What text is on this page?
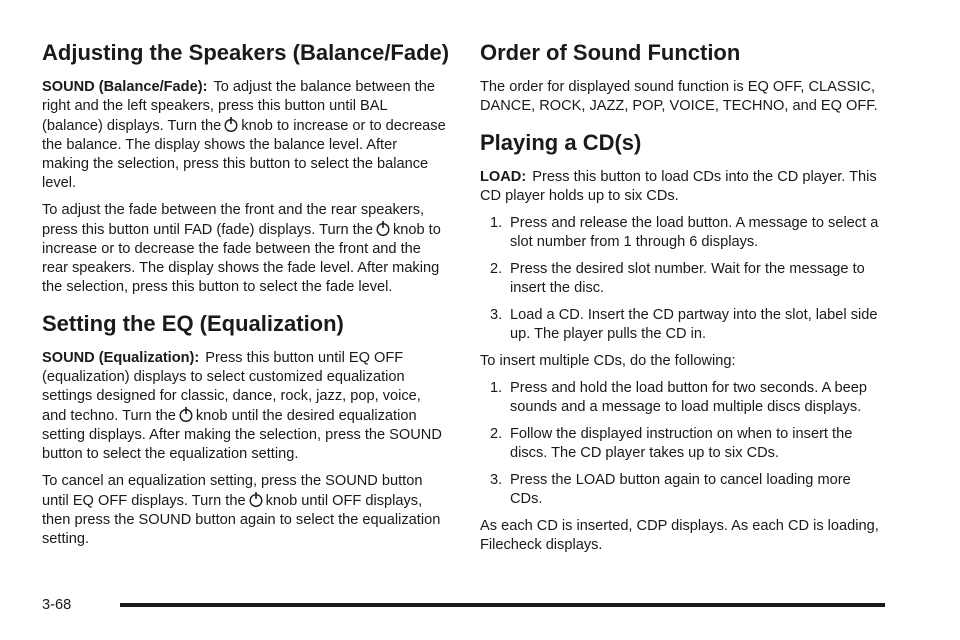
Adjusting the Speakers (Balance/Fade)

SOUND (Balance/Fade): To adjust the balance between the right and the left speakers, press this button until BAL (balance) displays. Turn the knob to increase or to decrease the balance. The display shows the balance level. After making the selection, press this button to select the balance level.

To adjust the fade between the front and the rear speakers, press this button until FAD (fade) displays. Turn the knob to increase or to decrease the fade between the front and the rear speakers. The display shows the fade level. After making the selection, press this button to select the fade level.

Setting the EQ (Equalization)

SOUND (Equalization): Press this button until EQ OFF (equalization) displays to select customized equalization settings designed for classic, dance, rock, jazz, pop, voice, and techno. Turn the knob until the desired equalization setting displays. After making the selection, press the SOUND button to select the equalization setting.

To cancel an equalization setting, press the SOUND button until EQ OFF displays. Turn the knob until OFF displays, then press the SOUND button again to select the equalization setting.

Order of Sound Function

The order for displayed sound function is EQ OFF, CLASSIC, DANCE, ROCK, JAZZ, POP, VOICE, TECHNO, and EQ OFF.

Playing a CD(s)

LOAD: Press this button to load CDs into the CD player. This CD player holds up to six CDs.

1. Press and release the load button. A message to select a slot number from 1 through 6 displays.
2. Press the desired slot number. Wait for the message to insert the disc.
3. Load a CD. Insert the CD partway into the slot, label side up. The player pulls the CD in.

To insert multiple CDs, do the following:

1. Press and hold the load button for two seconds. A beep sounds and a message to load multiple discs displays.
2. Follow the displayed instruction on when to insert the discs. The CD player takes up to six CDs.
3. Press the LOAD button again to cancel loading more CDs.

As each CD is inserted, CDP displays. As each CD is loading, Filecheck displays.

3-68
